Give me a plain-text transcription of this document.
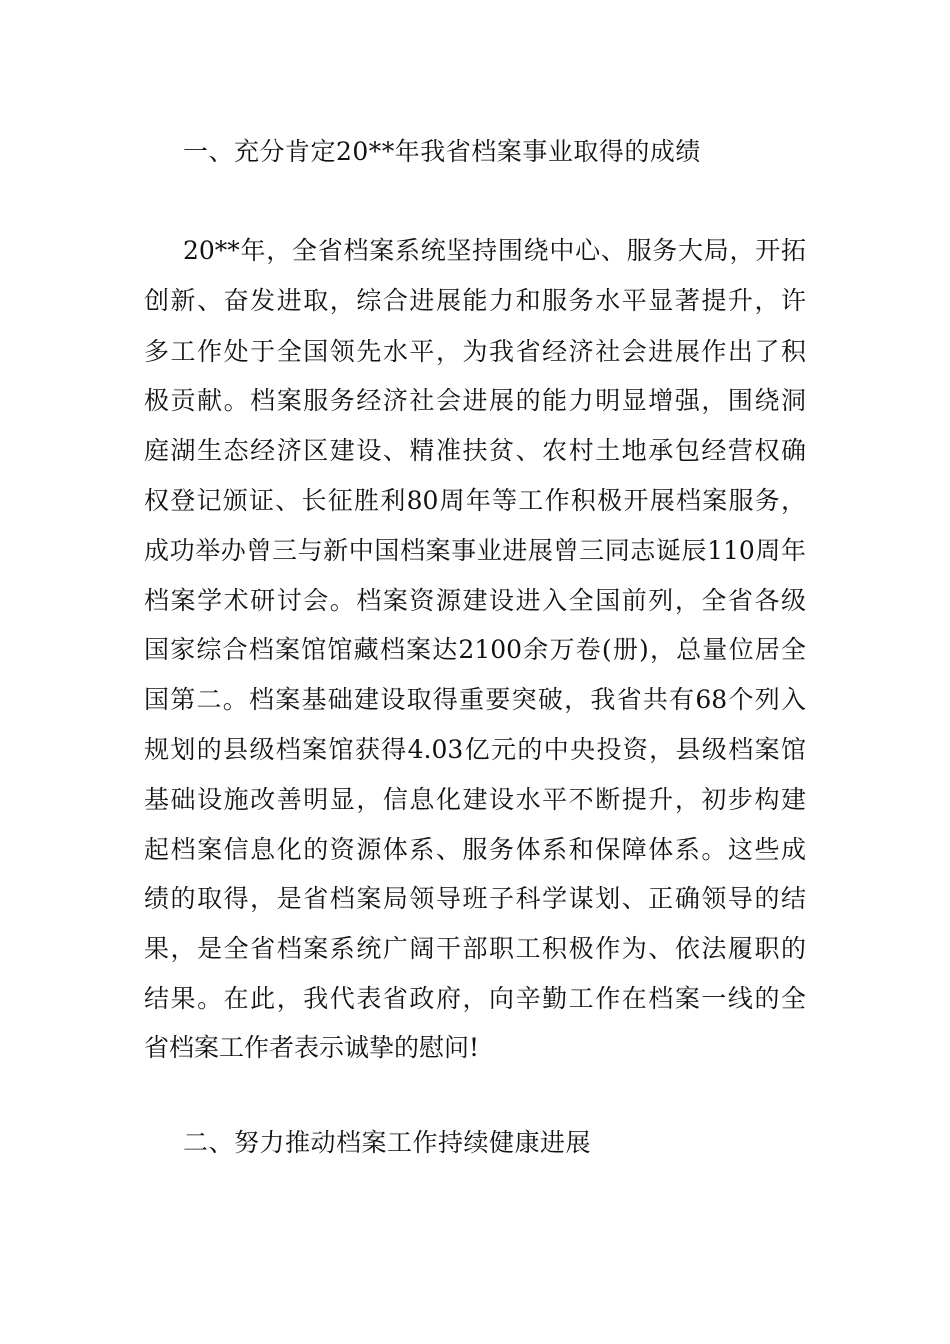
一、充分肯定20**年我省档案事业取得的成绩
20**年，全省档案系统坚持围绕中心、服务大局，开拓
创新、奋发进取，综合进展能力和服务水平显著提升，许
多工作处于全国领先水平，为我省经济社会进展作出了积
极贡献。档案服务经济社会进展的能力明显增强，围绕洞
庭湖生态经济区建设、精准扶贫、农村土地承包经营权确
权登记颁证、长征胜利80周年等工作积极开展档案服务，
成功举办曾三与新中国档案事业进展曾三同志诞辰110周年
档案学术研讨会。档案资源建设进入全国前列，全省各级
国家综合档案馆馆藏档案达2100余万卷(册)，总量位居全
国第二。档案基础建设取得重要突破，我省共有68个列入
规划的县级档案馆获得4.03亿元的中央投资，县级档案馆
基础设施改善明显，信息化建设水平不断提升，初步构建
起档案信息化的资源体系、服务体系和保障体系。这些成
绩的取得，是省档案局领导班子科学谋划、正确领导的结
果，是全省档案系统广阔干部职工积极作为、依法履职的
结果。在此，我代表省政府，向辛勤工作在档案一线的全
省档案工作者表示诚挚的慰问!
二、努力推动档案工作持续健康进展
